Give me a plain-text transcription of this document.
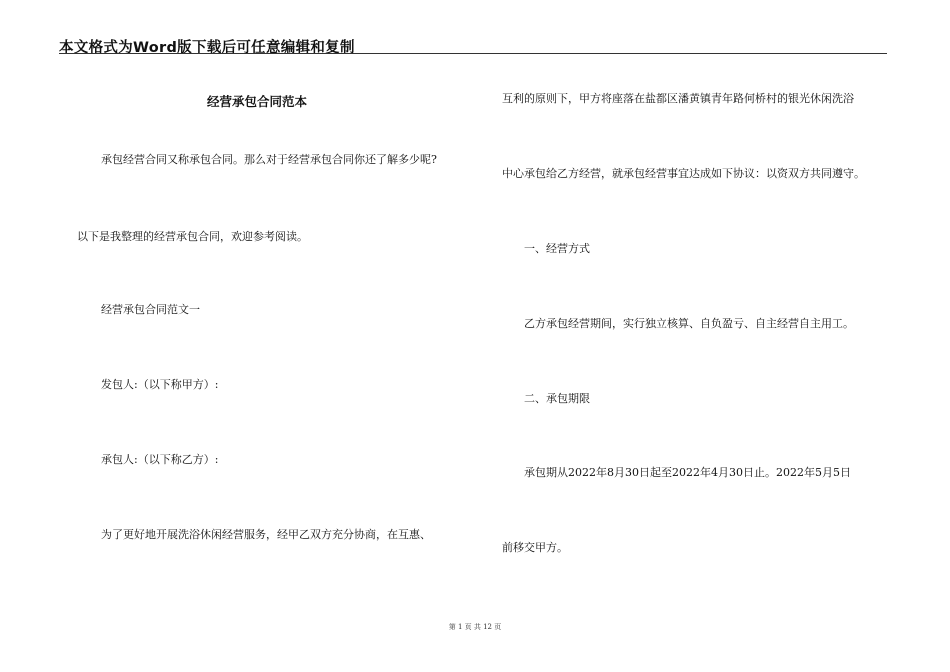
本文格式为Word版下载后可任意编辑和复制
经营承包合同范本
承包经营合同又称承包合同。那么对于经营承包合同你还了解多少呢?
以下是我整理的经营承包合同，欢迎参考阅读。
经营承包合同范文一
发包人:（以下称甲方）:
承包人:（以下称乙方）:
为了更好地开展洗浴休闲经营服务，经甲乙双方充分协商，在互惠、
互利的原则下，甲方将座落在盐都区潘黄镇青年路何桥村的银光休闲洗浴
中心承包给乙方经营，就承包经营事宜达成如下协议：以资双方共同遵守。
一、经营方式
乙方承包经营期间，实行独立核算、自负盈亏、自主经营自主用工。
二、承包期限
承包期从2022年8月30日起至2022年4月30日止。2022年5月5日
前移交甲方。
第 1 页 共 12 页
